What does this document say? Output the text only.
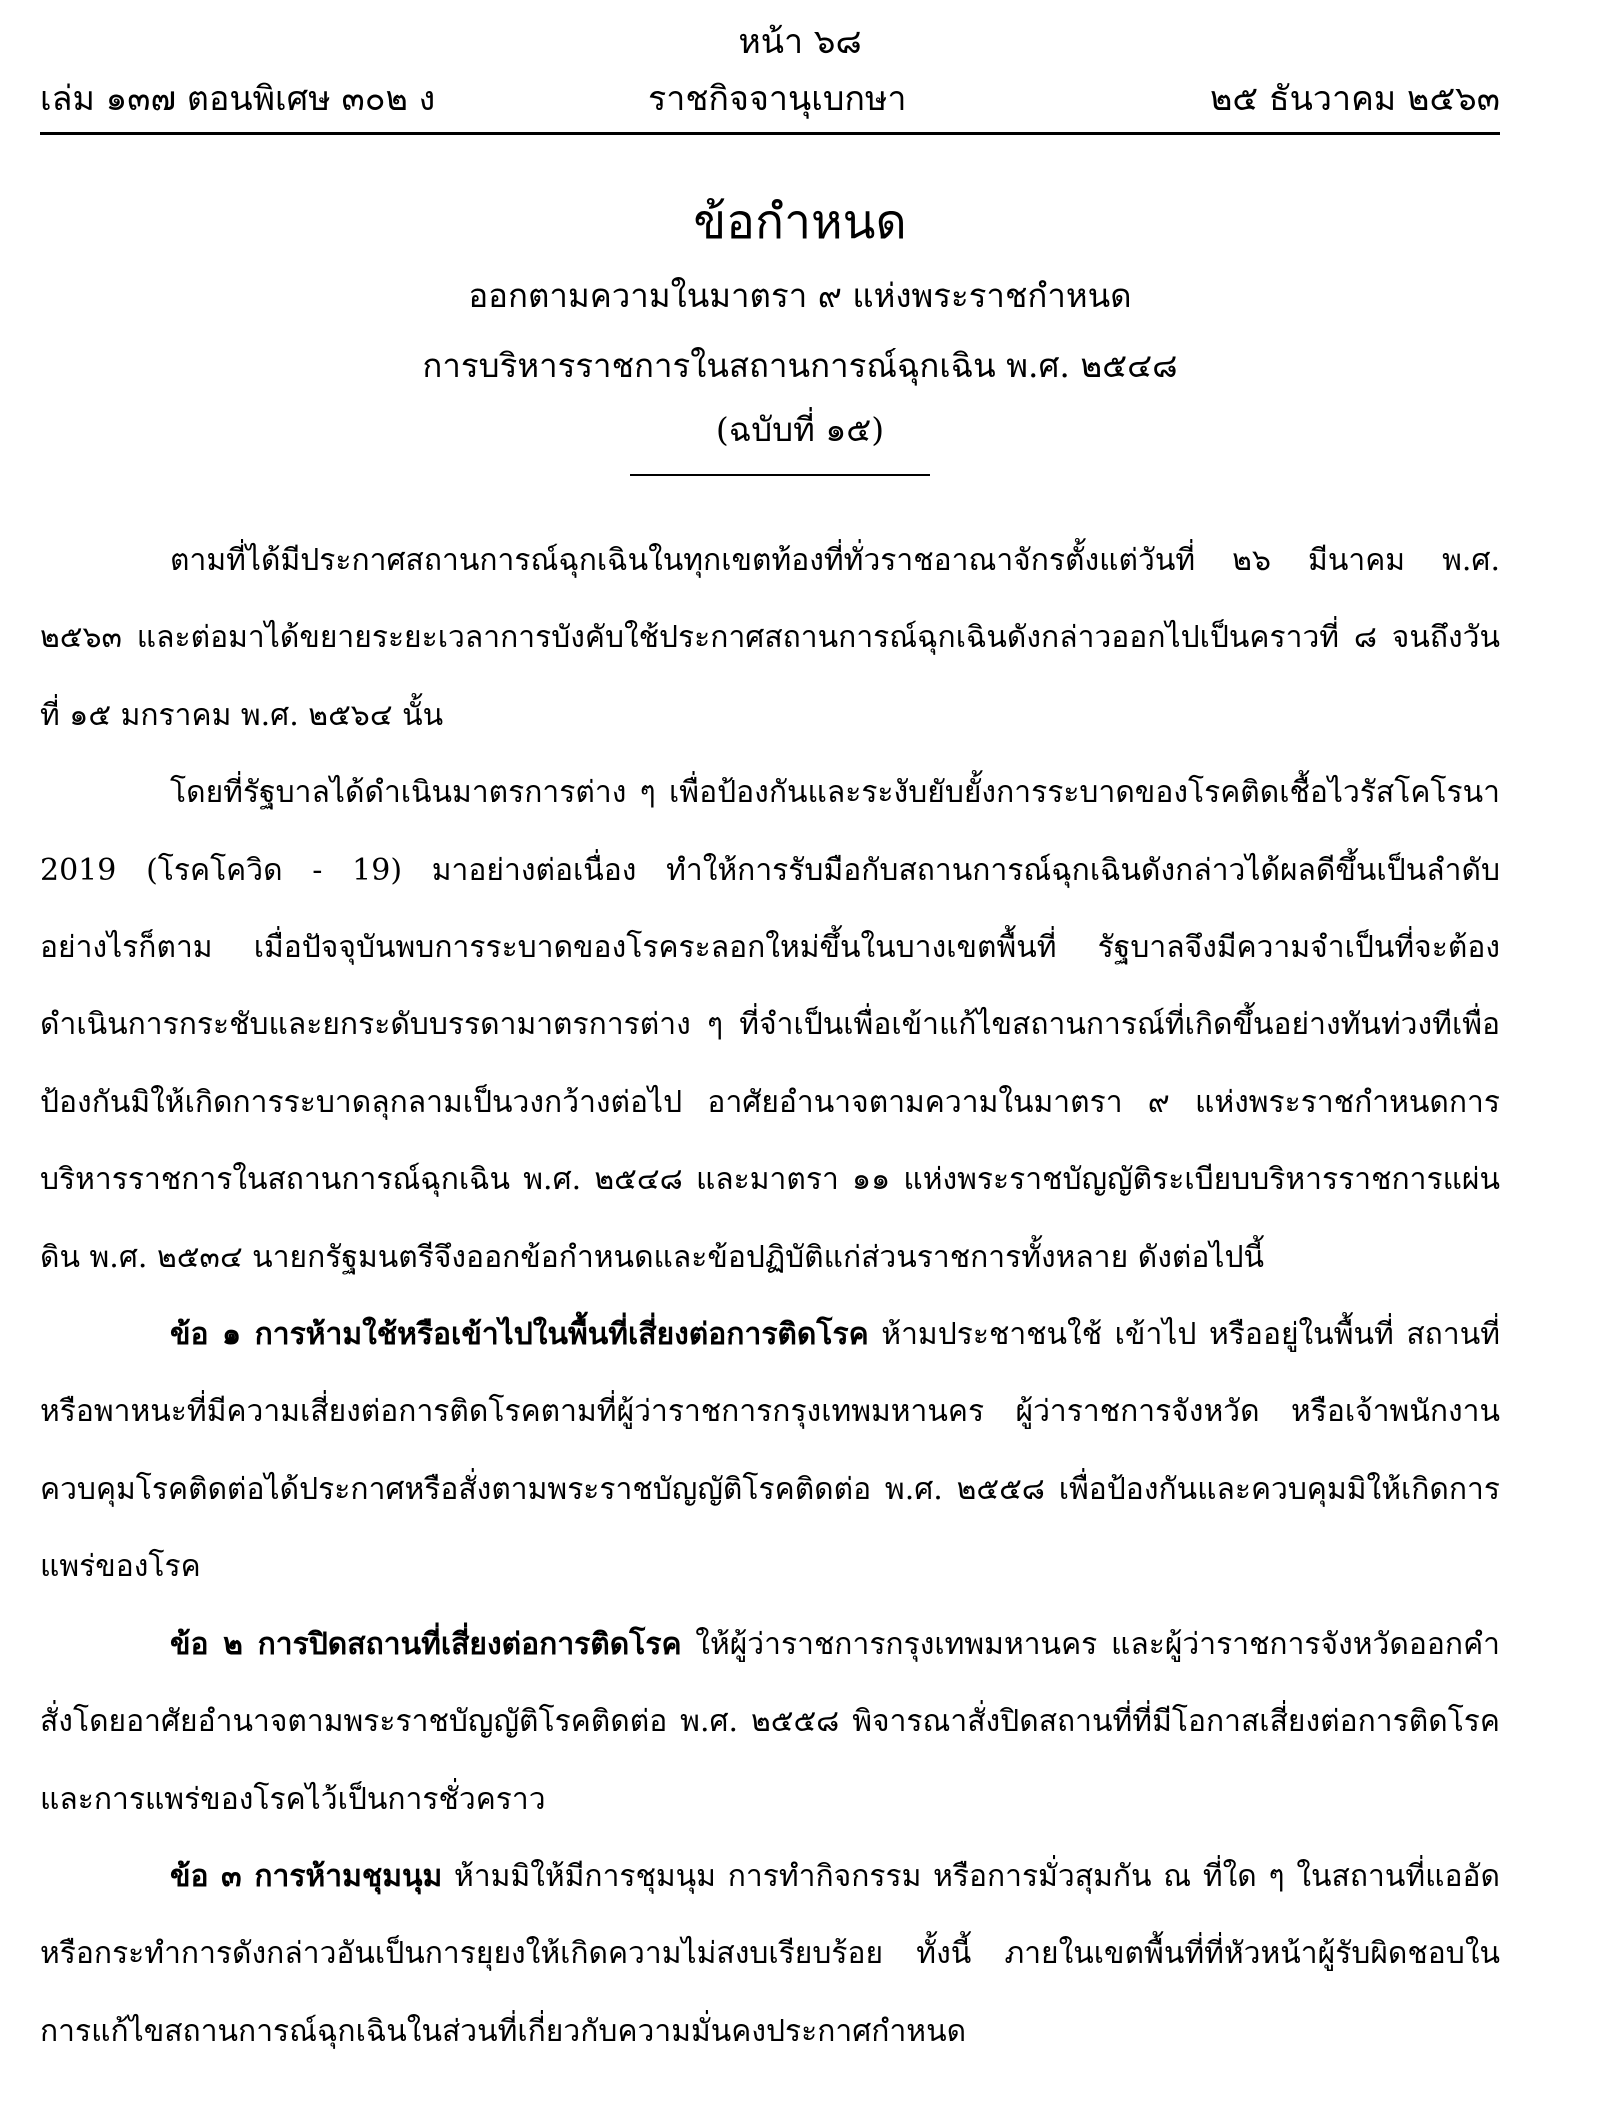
หน้า ๖๘
เล่ม ๑๓๗ ตอนพิเศษ ๓๐๒ ง	ราชกิจจานุเบกษา	๒๕ ธันวาคม ๒๕๖๓
ข้อกำหนด
ออกตามความในมาตรา ๙ แห่งพระราชกำหนด
การบริหารราชการในสถานการณ์ฉุกเฉิน พ.ศ. ๒๕๔๘
(ฉบับที่ ๑๕)

ตามที่ได้มีประกาศสถานการณ์ฉุกเฉินในทุกเขตท้องที่ทั่วราชอาณาจักรตั้งแต่วันที่ ๒๖ มีนาคม พ.ศ. ๒๕๖๓ และต่อมาได้ขยายระยะเวลาการบังคับใช้ประกาศสถานการณ์ฉุกเฉินดังกล่าวออกไปเป็นคราวที่ ๘ จนถึงวันที่ ๑๕ มกราคม พ.ศ. ๒๕๖๔ นั้น

โดยที่รัฐบาลได้ดำเนินมาตรการต่าง ๆ เพื่อป้องกันและระงับยับยั้งการระบาดของโรคติดเชื้อไวรัสโคโรนา 2019 (โรคโควิด - 19) มาอย่างต่อเนื่อง ทำให้การรับมือกับสถานการณ์ฉุกเฉินดังกล่าวได้ผลดีขึ้นเป็นลำดับ อย่างไรก็ตาม เมื่อปัจจุบันพบการระบาดของโรคระลอกใหม่ขึ้นในบางเขตพื้นที่ รัฐบาลจึงมีความจำเป็นที่จะต้องดำเนินการกระชับและยกระดับบรรดามาตรการต่าง ๆ ที่จำเป็นเพื่อเข้าแก้ไขสถานการณ์ที่เกิดขึ้นอย่างทันท่วงทีเพื่อป้องกันมิให้เกิดการระบาดลุกลามเป็นวงกว้างต่อไป อาศัยอำนาจตามความในมาตรา ๙ แห่งพระราชกำหนดการบริหารราชการในสถานการณ์ฉุกเฉิน พ.ศ. ๒๕๔๘ และมาตรา ๑๑ แห่งพระราชบัญญัติระเบียบบริหารราชการแผ่นดิน พ.ศ. ๒๕๓๔ นายกรัฐมนตรีจึงออกข้อกำหนดและข้อปฏิบัติแก่ส่วนราชการทั้งหลาย ดังต่อไปนี้

ข้อ ๑ การห้ามใช้หรือเข้าไปในพื้นที่เสี่ยงต่อการติดโรค ห้ามประชาชนใช้ เข้าไป หรืออยู่ในพื้นที่ สถานที่ หรือพาหนะที่มีความเสี่ยงต่อการติดโรคตามที่ผู้ว่าราชการกรุงเทพมหานคร ผู้ว่าราชการจังหวัด หรือเจ้าพนักงานควบคุมโรคติดต่อได้ประกาศหรือสั่งตามพระราชบัญญัติโรคติดต่อ พ.ศ. ๒๕๕๘ เพื่อป้องกันและควบคุมมิให้เกิดการแพร่ของโรค

ข้อ ๒ การปิดสถานที่เสี่ยงต่อการติดโรค ให้ผู้ว่าราชการกรุงเทพมหานคร และผู้ว่าราชการจังหวัดออกคำสั่งโดยอาศัยอำนาจตามพระราชบัญญัติโรคติดต่อ พ.ศ. ๒๕๕๘ พิจารณาสั่งปิดสถานที่ที่มีโอกาสเสี่ยงต่อการติดโรคและการแพร่ของโรคไว้เป็นการชั่วคราว

ข้อ ๓ การห้ามชุมนุม ห้ามมิให้มีการชุมนุม การทำกิจกรรม หรือการมั่วสุมกัน ณ ที่ใด ๆ ในสถานที่แออัดหรือกระทำการดังกล่าวอันเป็นการยุยงให้เกิดความไม่สงบเรียบร้อย ทั้งนี้ ภายในเขตพื้นที่ที่หัวหน้าผู้รับผิดชอบในการแก้ไขสถานการณ์ฉุกเฉินในส่วนที่เกี่ยวกับความมั่นคงประกาศกำหนด
